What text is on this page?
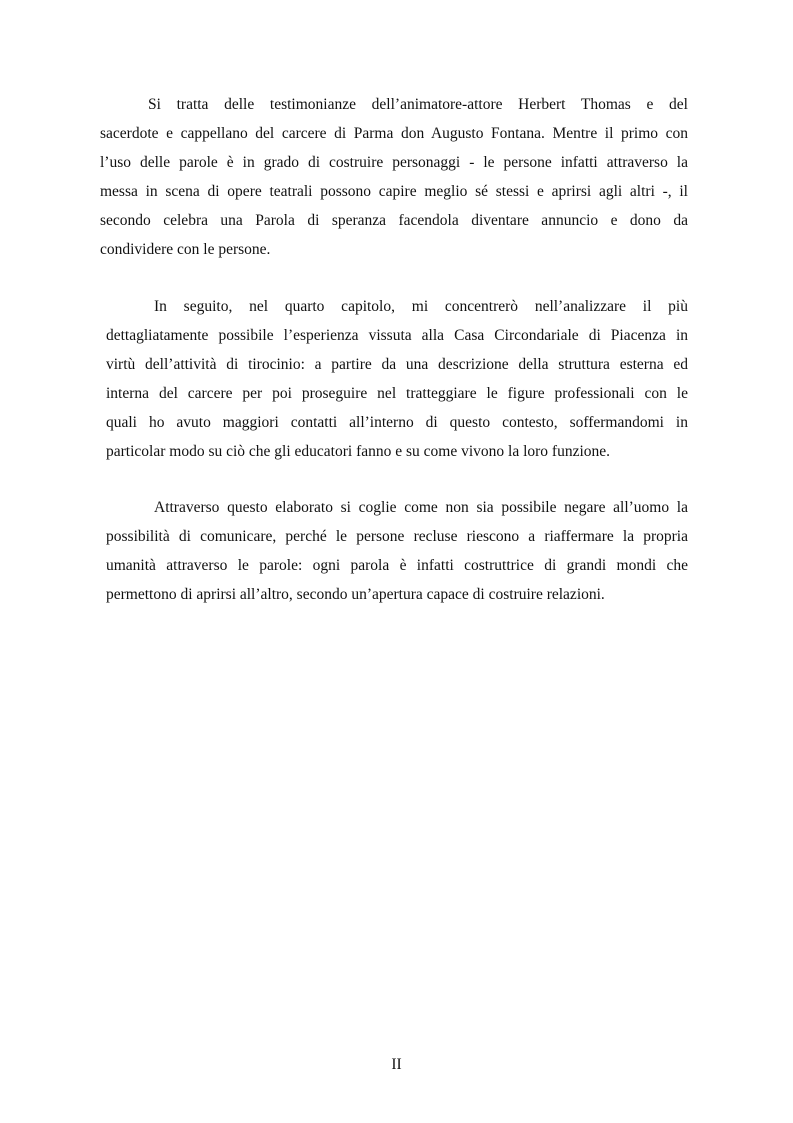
Si tratta delle testimonianze dell’animatore-attore Herbert Thomas e del
sacerdote e cappellano del carcere di Parma don Augusto Fontana. Mentre il primo con
l’uso delle parole è in grado di costruire personaggi - le persone infatti attraverso la
messa in scena di opere teatrali possono capire meglio sé stessi e aprirsi agli altri -, il
secondo celebra una Parola di speranza facendola diventare annuncio e dono da
condividere con le persone.

In seguito, nel quarto capitolo, mi concentrerò nell’analizzare il più
dettagliatamente possibile l’esperienza vissuta alla Casa Circondariale di Piacenza in
virtù dell’attività di tirocinio: a partire da una descrizione della struttura esterna ed
interna del carcere per poi proseguire nel tratteggiare le figure professionali con le
quali ho avuto maggiori contatti all’interno di questo contesto, soffermandomi in
particolar modo su ciò che gli educatori fanno e su come vivono la loro funzione.

Attraverso questo elaborato si coglie come non sia possibile negare all’uomo la
possibilità di comunicare, perché le persone recluse riescono a riaffermare la propria
umanità attraverso le parole: ogni parola è infatti costruttrice di grandi mondi che
permettono di aprirsi all’altro, secondo un’apertura capace di costruire relazioni.

II
